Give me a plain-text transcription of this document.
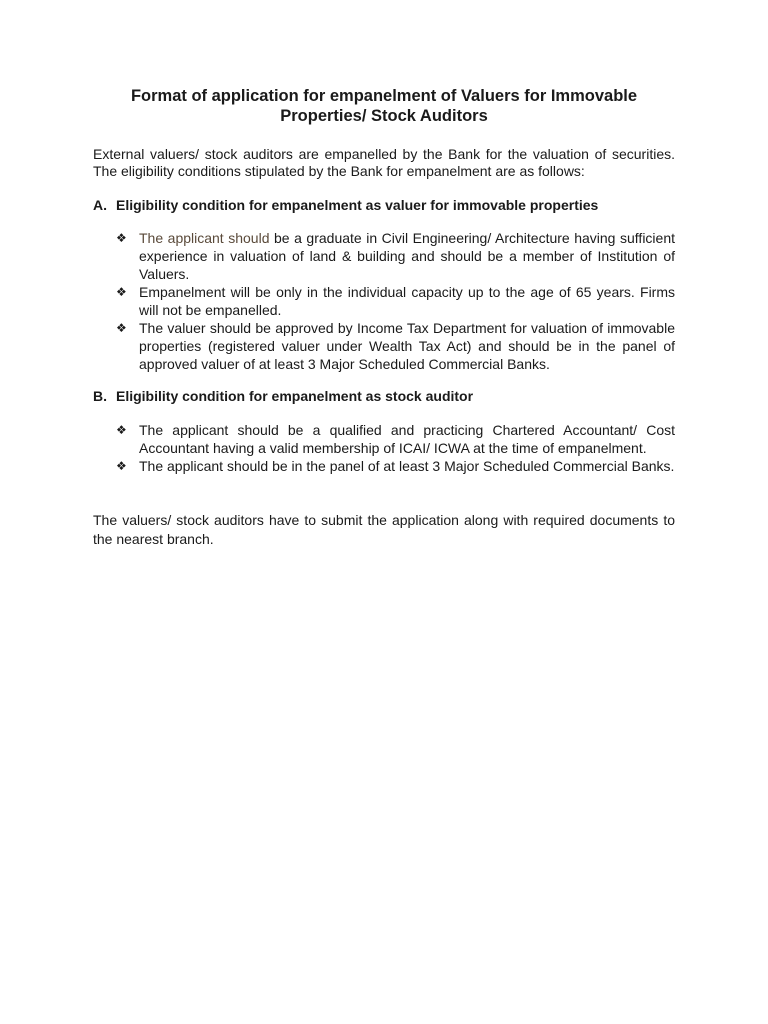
Format of application for empanelment of Valuers for Immovable Properties/ Stock Auditors

External valuers/ stock auditors are empanelled by the Bank for the valuation of securities. The eligibility conditions stipulated by the Bank for empanelment are as follows:

A. Eligibility condition for empanelment as valuer for immovable properties
❖ The applicant should be a graduate in Civil Engineering/ Architecture having sufficient experience in valuation of land & building and should be a member of Institution of Valuers.
❖ Empanelment will be only in the individual capacity up to the age of 65 years. Firms will not be empanelled.
❖ The valuer should be approved by Income Tax Department for valuation of immovable properties (registered valuer under Wealth Tax Act) and should be in the panel of approved valuer of at least 3 Major Scheduled Commercial Banks.
B. Eligibility condition for empanelment as stock auditor
❖ The applicant should be a qualified and practicing Chartered Accountant/ Cost Accountant having a valid membership of ICAI/ ICWA at the time of empanelment.
❖ The applicant should be in the panel of at least 3 Major Scheduled Commercial Banks.

The valuers/ stock auditors have to submit the application along with required documents to the nearest branch.
